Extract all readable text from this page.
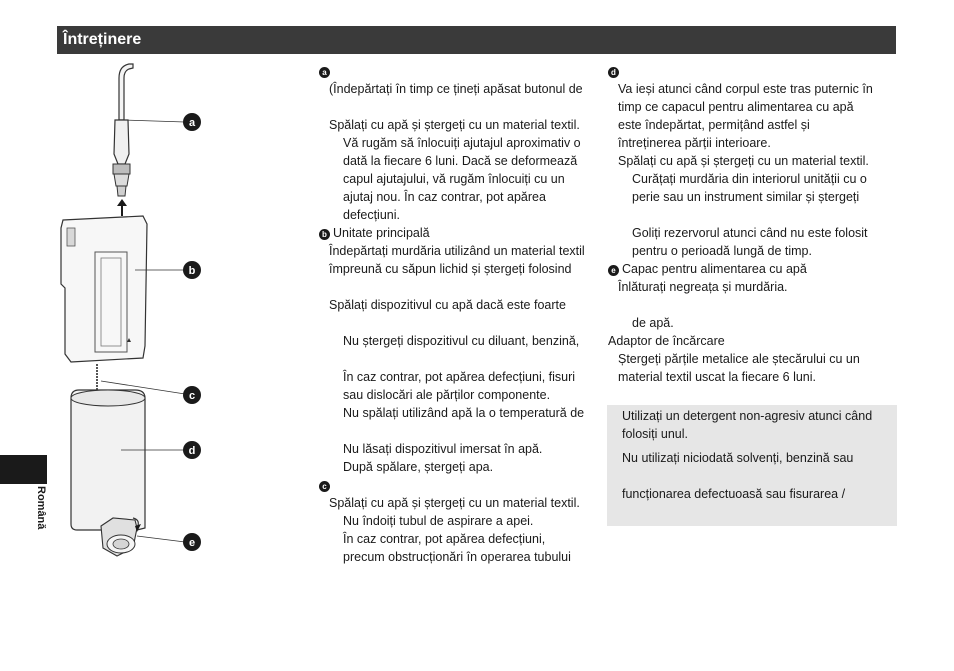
Întreținere
Română
a
b
c
d
e

a

(Îndepărtați în timp ce țineți apăsat butonul de

Spălați cu apă și ștergeți cu un material textil.

Vă rugăm să înlocuiți ajutajul aproximativ o

dată la fiecare 6 luni. Dacă se deformează

capul ajutajului, vă rugăm înlocuiți cu un

ajutaj nou. În caz contrar, pot apărea

defecțiuni.

b Unitate principală

Îndepărtați murdăria utilizând un material textil

împreună cu săpun lichid și ștergeți folosind

Spălați dispozitivul cu apă dacă este foarte

Nu ștergeți dispozitivul cu diluant, benzină,

În caz contrar, pot apărea defecțiuni, fisuri

sau dislocări ale părților componente.

Nu spălați utilizând apă la o temperatură de

Nu lăsați dispozitivul imersat în apă.

După spălare, ștergeți apa.

c

Spălați cu apă și ștergeți cu un material textil.

Nu îndoiți tubul de aspirare a apei.

În caz contrar, pot apărea defecțiuni,

precum obstrucționări în operarea tubului

d

Va ieși atunci când corpul este tras puternic în

timp ce capacul pentru alimentarea cu apă

este îndepărtat, permițând astfel și

întreținerea părții interioare.

Spălați cu apă și ștergeți cu un material textil.

Curățați murdăria din interiorul unității cu o

perie sau un instrument similar și ștergeți

Goliți rezervorul atunci când nu este folosit

pentru o perioadă lungă de timp.

e Capac pentru alimentarea cu apă

Înlăturați negreața și murdăria.

de apă.

Adaptor de încărcare

Ștergeți părțile metalice ale ștecărului cu un

material textil uscat la fiecare 6 luni.

Utilizați un detergent non-agresiv atunci când

folosiți unul.

Nu utilizați niciodată solvenți, benzină sau

funcționarea defectuoasă sau fisurarea /
